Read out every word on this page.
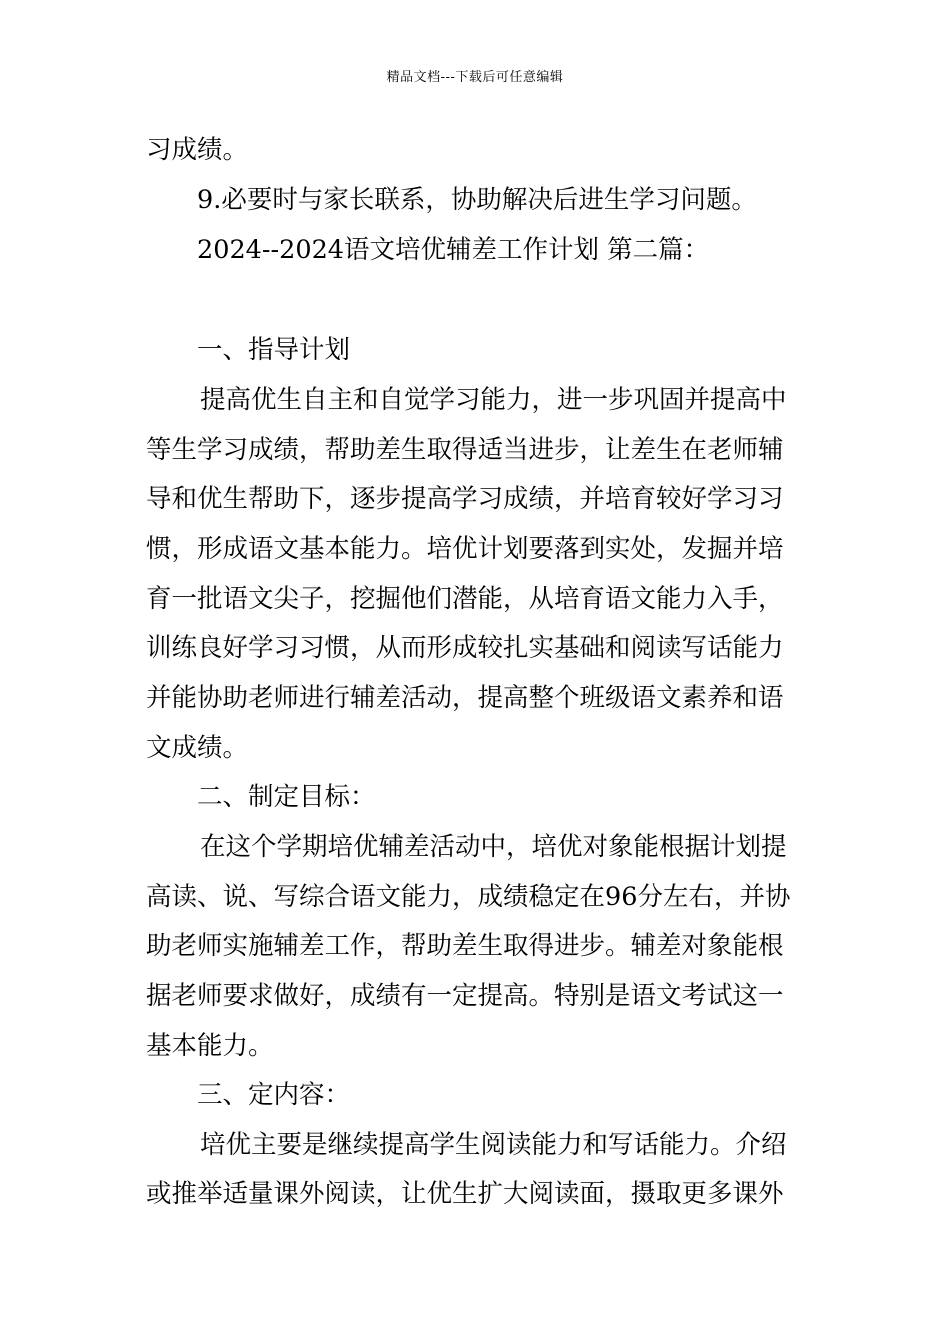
精品文档---下载后可任意编辑
习成绩。
9.必要时与家长联系，协助解决后进生学习问题。
2024--2024语文培优辅差工作计划 第二篇：
一、指导计划
提高优生自主和自觉学习能力，进一步巩固并提高中
等生学习成绩，帮助差生取得适当进步，让差生在老师辅
导和优生帮助下，逐步提高学习成绩，并培育较好学习习
惯，形成语文基本能力。培优计划要落到实处，发掘并培
育一批语文尖子，挖掘他们潜能，从培育语文能力入手，
训练良好学习习惯，从而形成较扎实基础和阅读写话能力
并能协助老师进行辅差活动，提高整个班级语文素养和语
文成绩。
二、制定目标：
在这个学期培优辅差活动中，培优对象能根据计划提
高读、说、写综合语文能力，成绩稳定在96分左右，并协
助老师实施辅差工作，帮助差生取得进步。辅差对象能根
据老师要求做好，成绩有一定提高。特别是语文考试这一
基本能力。
三、定内容：
培优主要是继续提高学生阅读能力和写话能力。介绍
或推举适量课外阅读，让优生扩大阅读面，摄取更多课外
